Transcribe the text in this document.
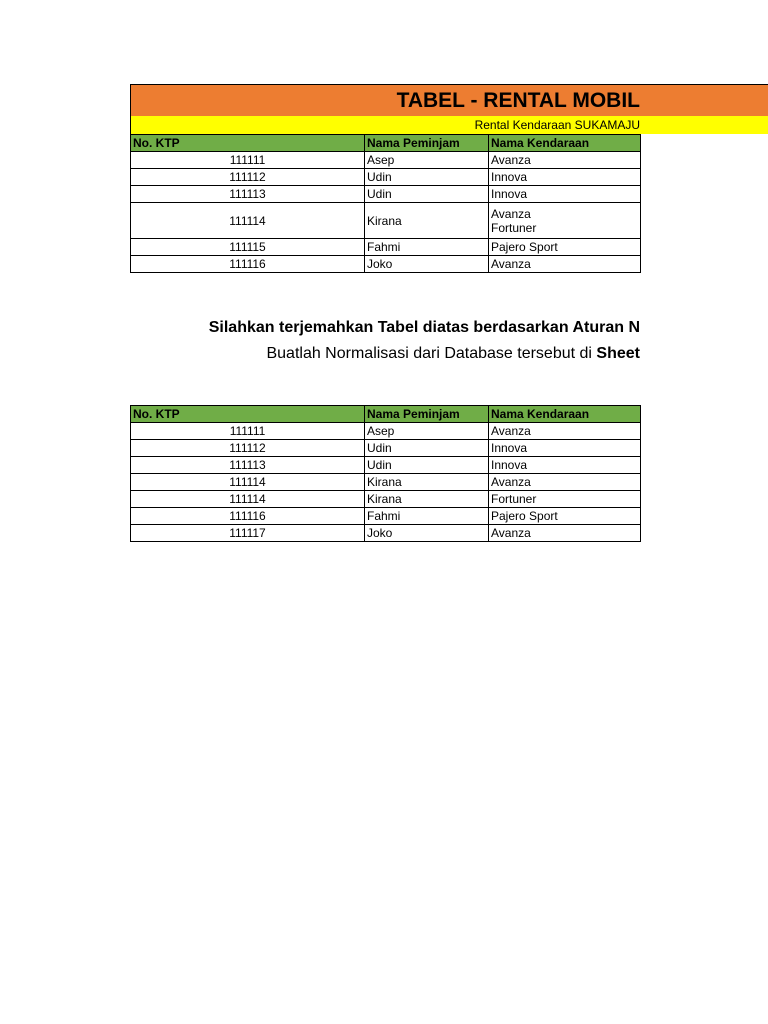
TABEL - RENTAL MOBIL
Rental Kendaraan SUKAMAJU
No. KTP	Nama Peminjam	Nama Kendaraan
111111	Asep	Avanza
111112	Udin	Innova
111113	Udin	Innova
111114	Kirana	Avanza
Fortuner

111115	Fahmi	Pajero Sport
111116	Joko	Avanza
Silahkan terjemahkan Tabel diatas berdasarkan Aturan N
Buatlah Normalisasi dari Database tersebut di Sheet
No. KTP	Nama Peminjam	Nama Kendaraan
111111	Asep	Avanza
111112	Udin	Innova
111113	Udin	Innova
111114	Kirana	Avanza
111114	Kirana	Fortuner
111116	Fahmi	Pajero Sport
111117	Joko	Avanza
